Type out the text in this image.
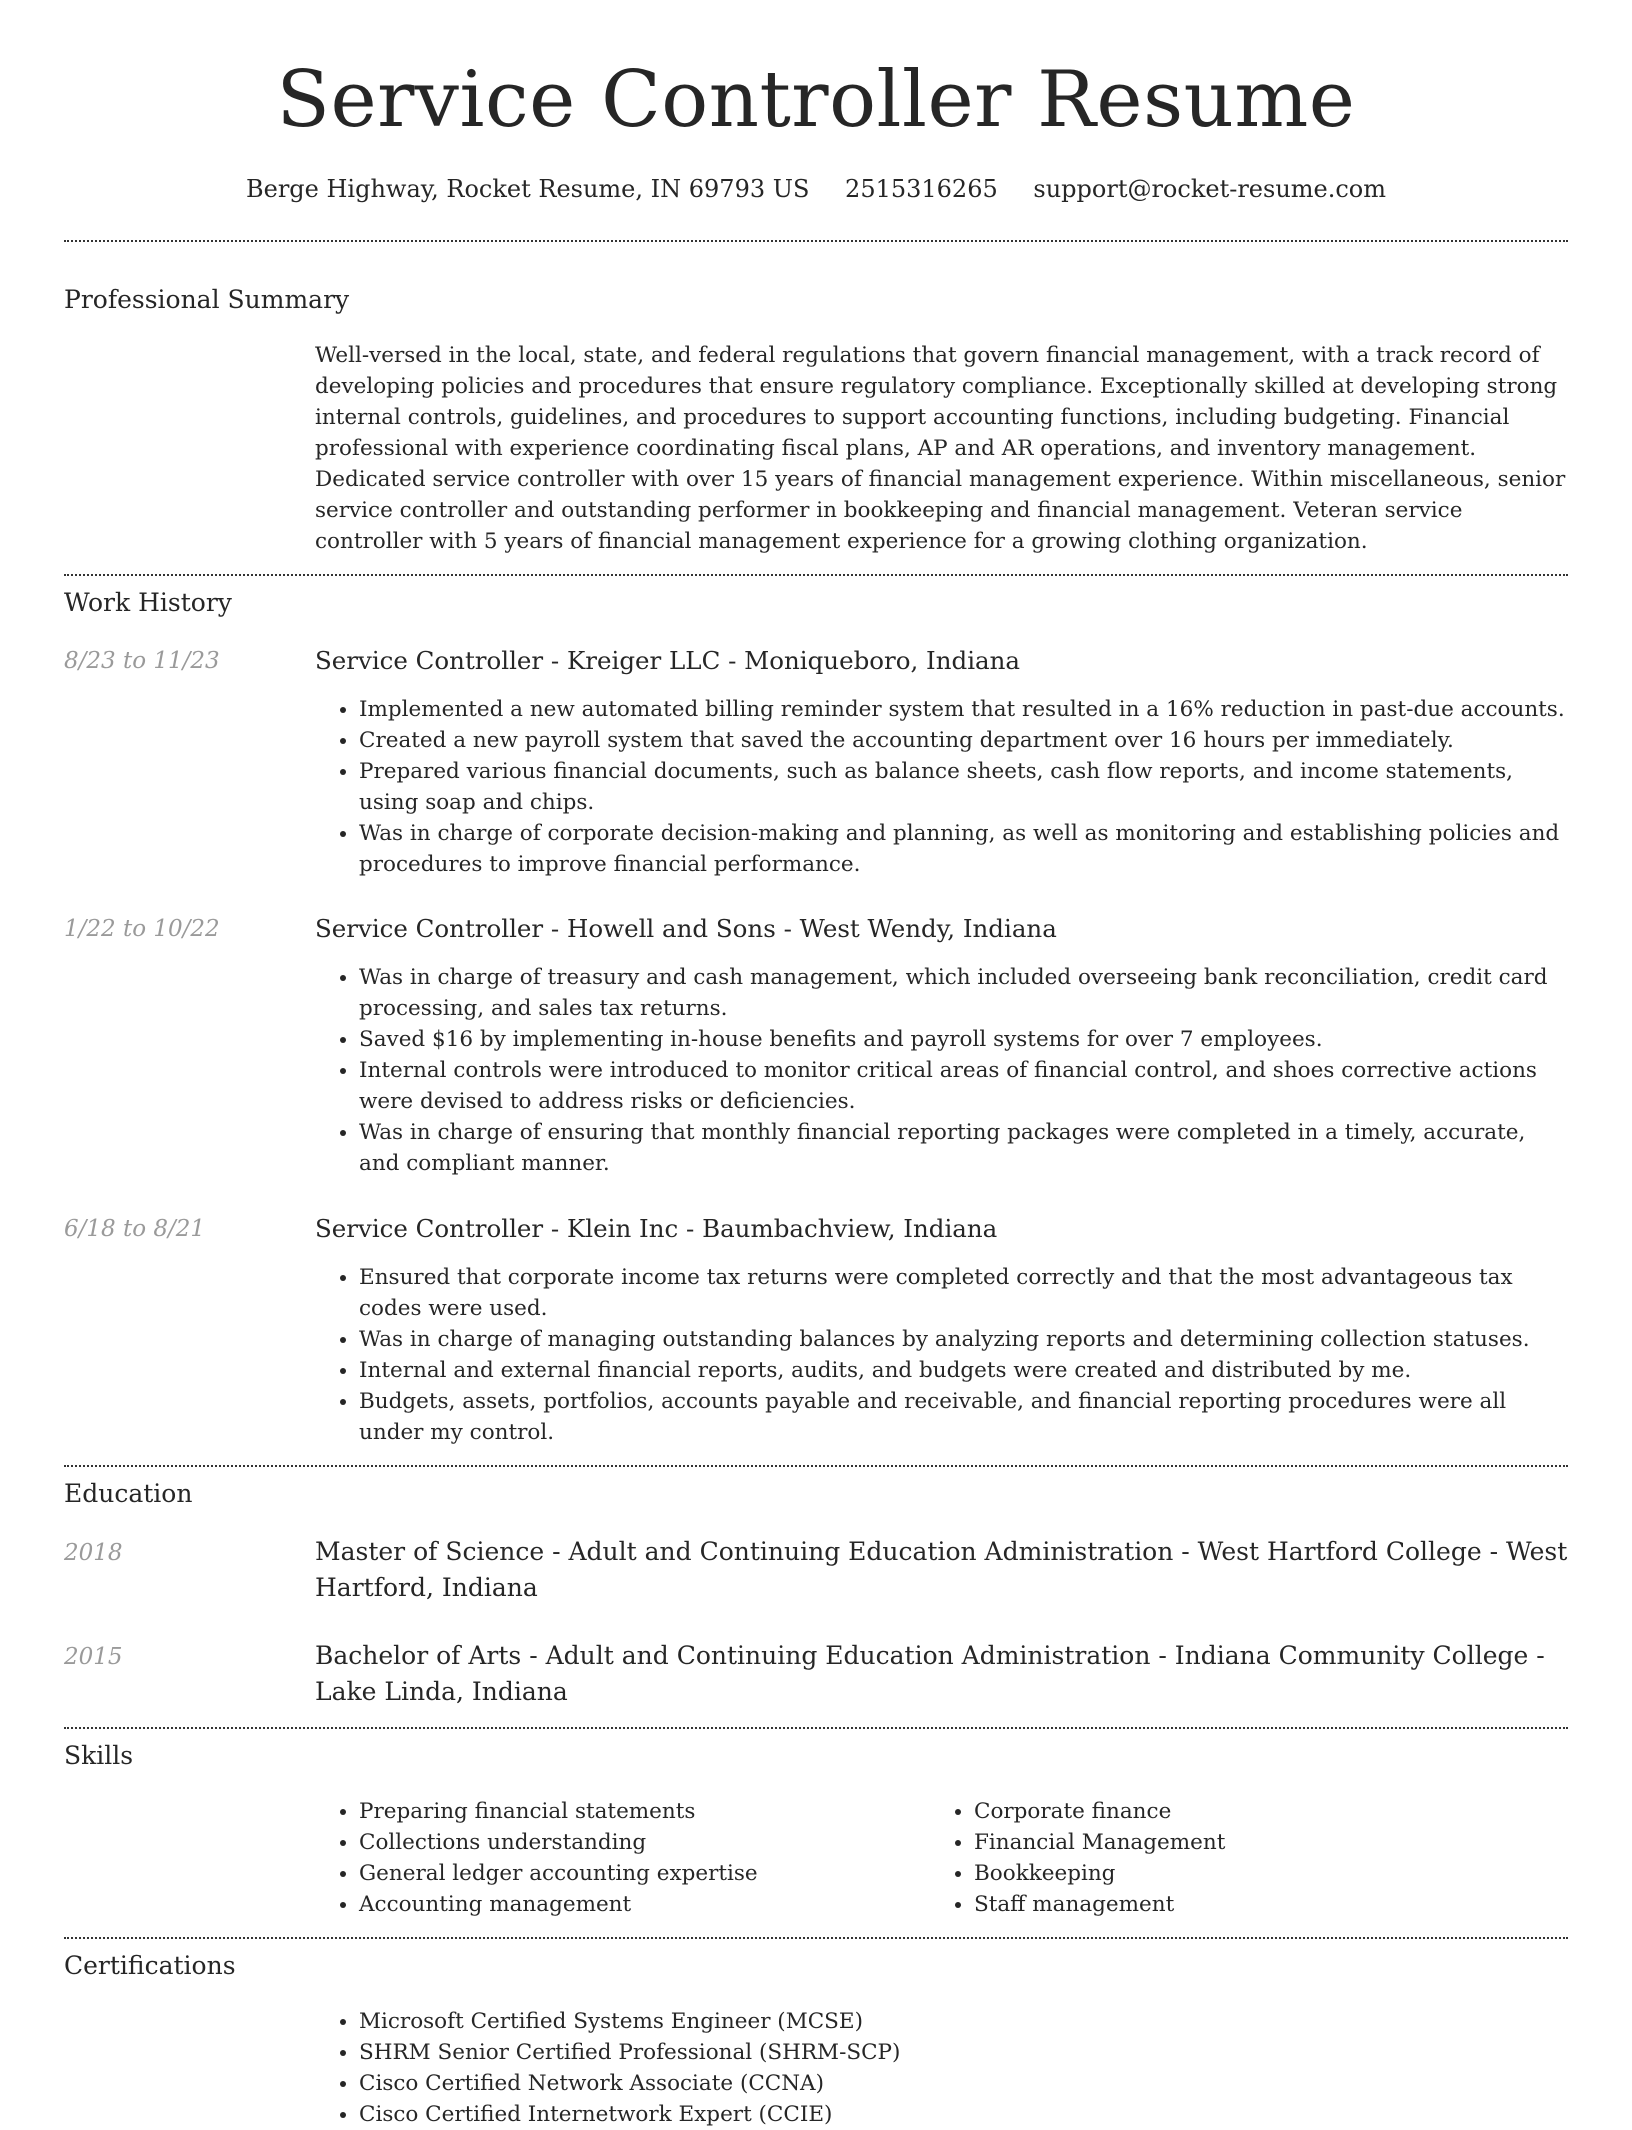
Service Controller Resume
Berge Highway, Rocket Resume, IN 69793 US 2515316265 support@rocket-resume.com
Professional Summary
Well-versed in the local, state, and federal regulations that govern financial management, with a track record of developing policies and procedures that ensure regulatory compliance. Exceptionally skilled at developing strong internal controls, guidelines, and procedures to support accounting functions, including budgeting. Financial professional with experience coordinating fiscal plans, AP and AR operations, and inventory management. Dedicated service controller with over 15 years of financial management experience. Within miscellaneous, senior service controller and outstanding performer in bookkeeping and financial management. Veteran service controller with 5 years of financial management experience for a growing clothing organization.
Work History
8/23 to 11/23	Service Controller - Kreiger LLC - Moniqueboro, Indiana
• Implemented a new automated billing reminder system that resulted in a 16% reduction in past-due accounts.
• Created a new payroll system that saved the accounting department over 16 hours per immediately.
• Prepared various financial documents, such as balance sheets, cash flow reports, and income statements, using soap and chips.
• Was in charge of corporate decision-making and planning, as well as monitoring and establishing policies and procedures to improve financial performance.
1/22 to 10/22	Service Controller - Howell and Sons - West Wendy, Indiana
• Was in charge of treasury and cash management, which included overseeing bank reconciliation, credit card processing, and sales tax returns.
• Saved $16 by implementing in-house benefits and payroll systems for over 7 employees.
• Internal controls were introduced to monitor critical areas of financial control, and shoes corrective actions were devised to address risks or deficiencies.
• Was in charge of ensuring that monthly financial reporting packages were completed in a timely, accurate, and compliant manner.
6/18 to 8/21	Service Controller - Klein Inc - Baumbachview, Indiana
• Ensured that corporate income tax returns were completed correctly and that the most advantageous tax codes were used.
• Was in charge of managing outstanding balances by analyzing reports and determining collection statuses.
• Internal and external financial reports, audits, and budgets were created and distributed by me.
• Budgets, assets, portfolios, accounts payable and receivable, and financial reporting procedures were all under my control.
Education
2018	Master of Science - Adult and Continuing Education Administration - West Hartford College - West Hartford, Indiana
2015	Bachelor of Arts - Adult and Continuing Education Administration - Indiana Community College - Lake Linda, Indiana
Skills
• Preparing financial statements
• Collections understanding
• General ledger accounting expertise
• Accounting management
• Corporate finance
• Financial Management
• Bookkeeping
• Staff management
Certifications
• Microsoft Certified Systems Engineer (MCSE)
• SHRM Senior Certified Professional (SHRM-SCP)
• Cisco Certified Network Associate (CCNA)
• Cisco Certified Internetwork Expert (CCIE)
